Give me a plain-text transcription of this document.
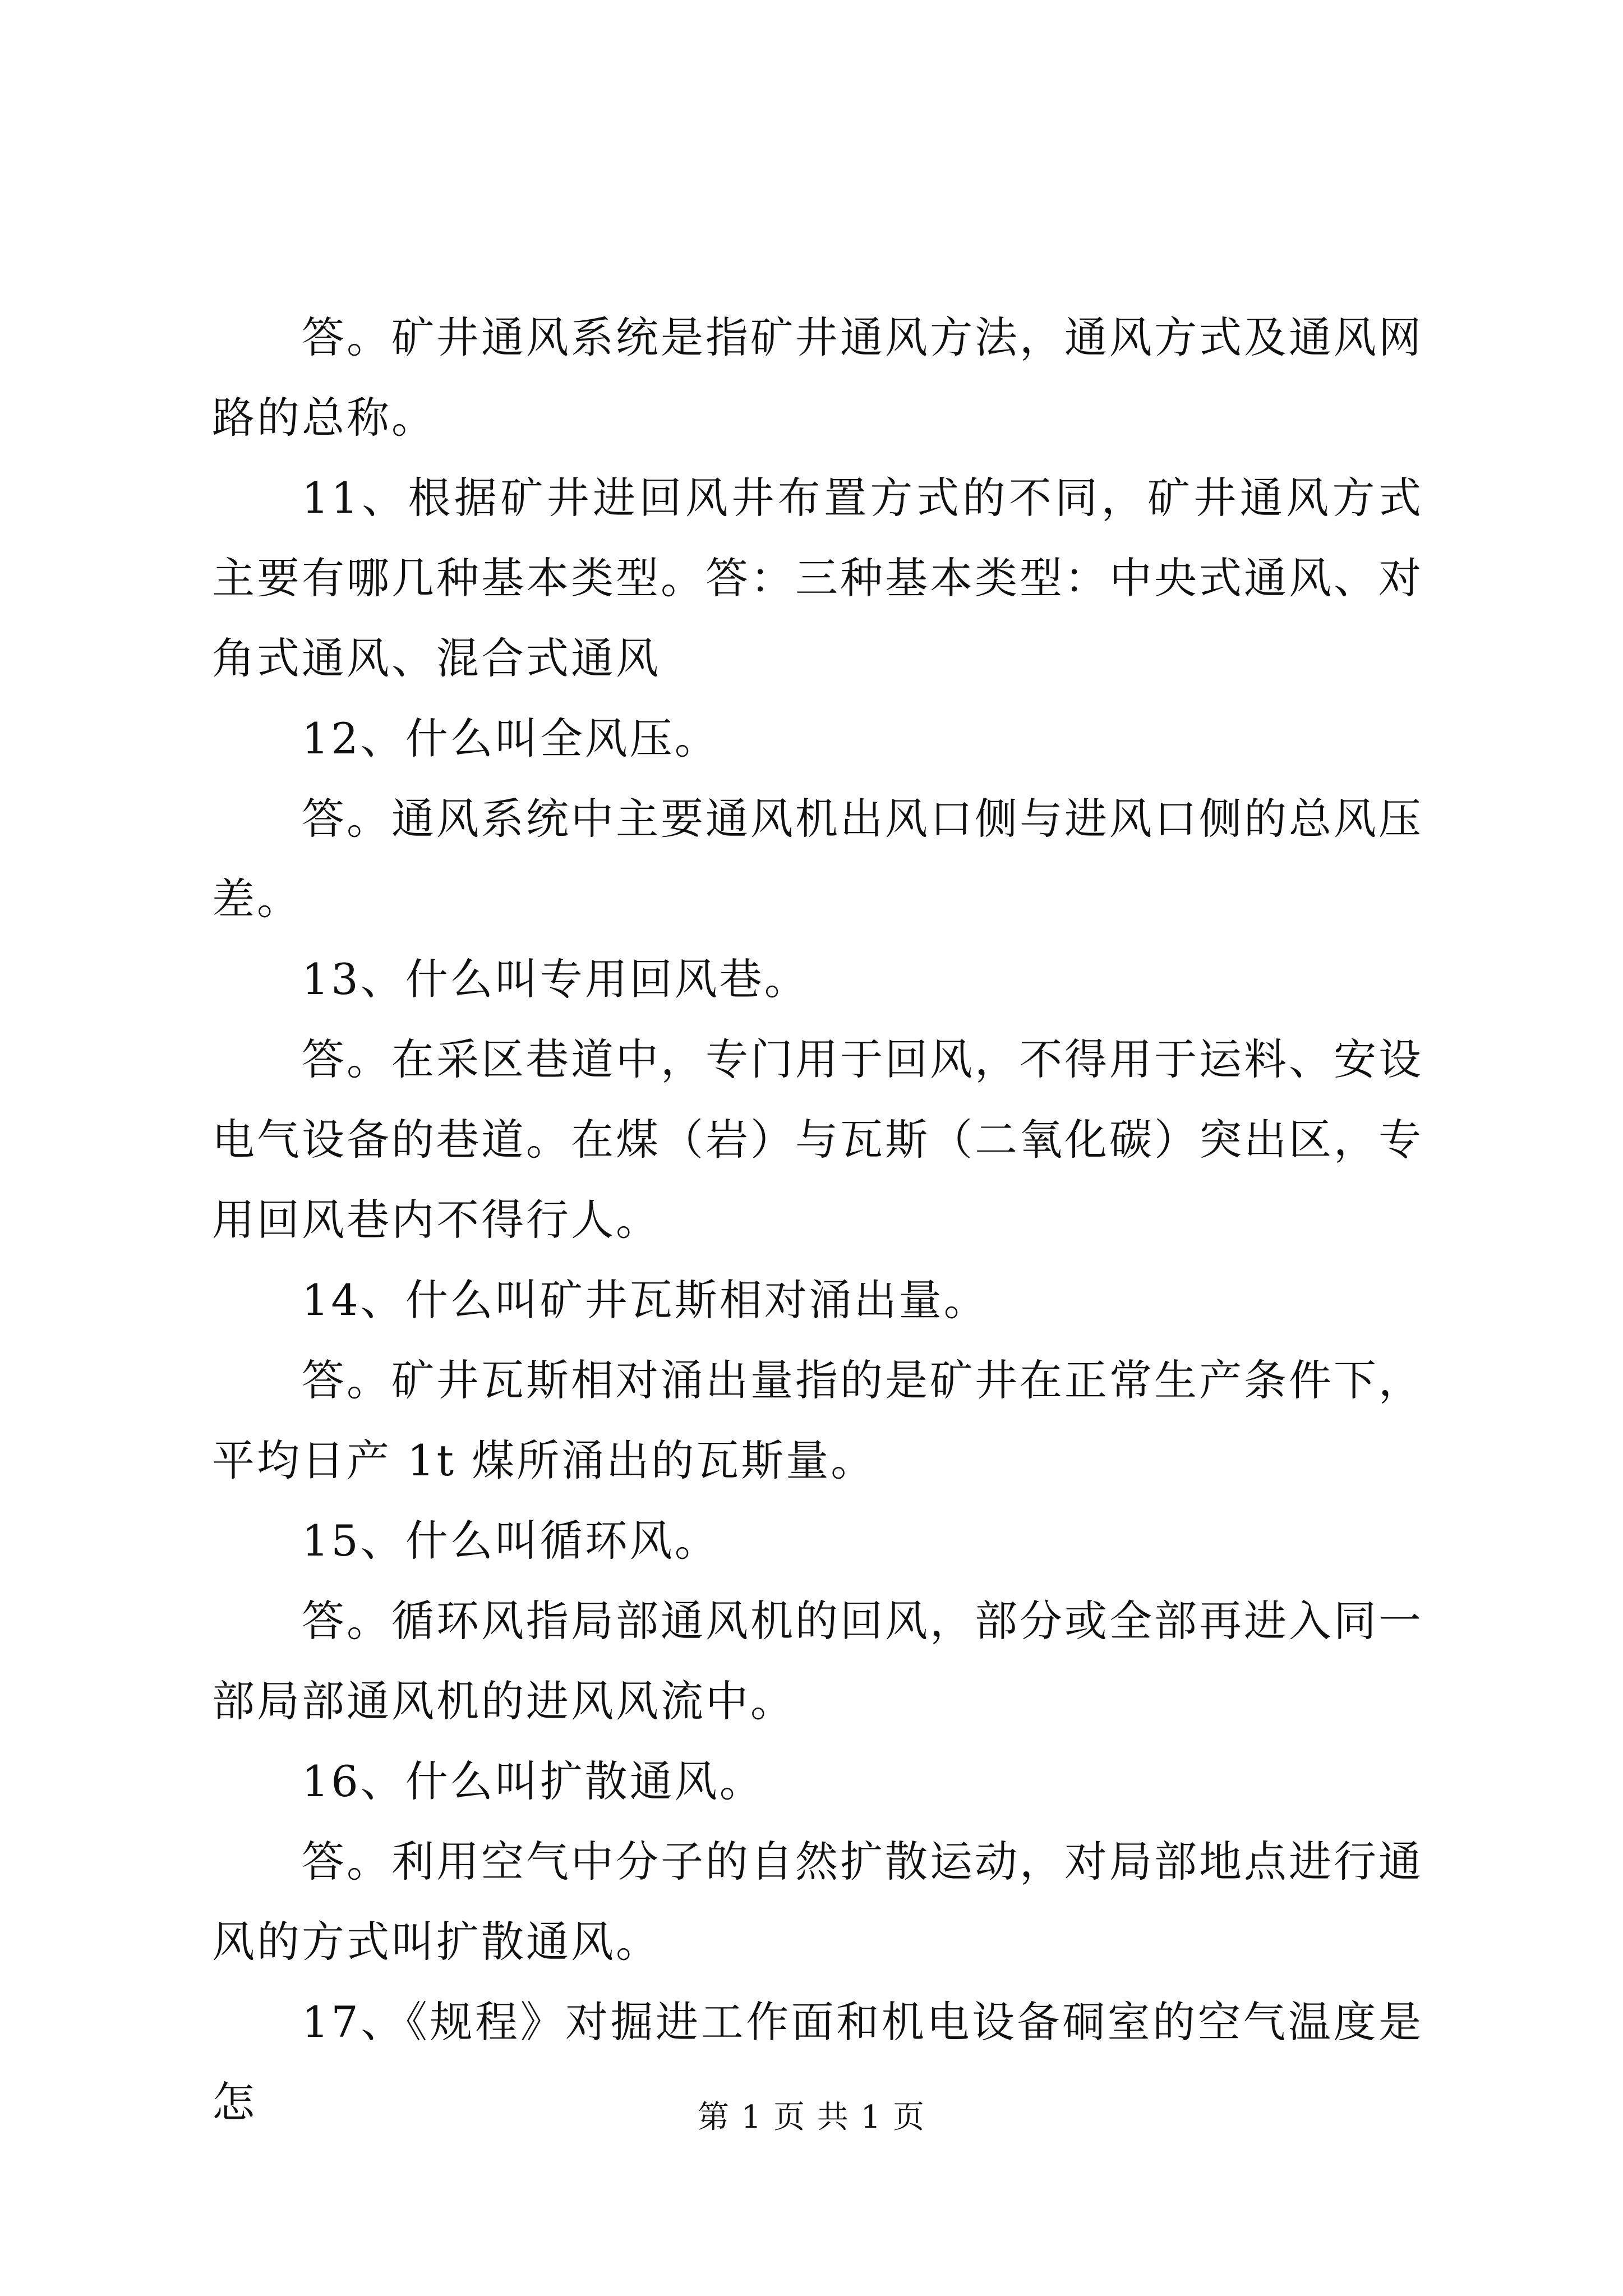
答。矿井通风系统是指矿井通风方法，通风方式及通风网路的总称。

11、根据矿井进回风井布置方式的不同，矿井通风方式主要有哪几种基本类型。答：三种基本类型：中央式通风、对角式通风、混合式通风

12、什么叫全风压。

答。通风系统中主要通风机出风口侧与进风口侧的总风压差。

13、什么叫专用回风巷。

答。在采区巷道中，专门用于回风，不得用于运料、安设电气设备的巷道。在煤（岩）与瓦斯（二氧化碳）突出区，专用回风巷内不得行人。

14、什么叫矿井瓦斯相对涌出量。

答。矿井瓦斯相对涌出量指的是矿井在正常生产条件下，平均日产 1t 煤所涌出的瓦斯量。

15、什么叫循环风。

答。循环风指局部通风机的回风，部分或全部再进入同一部局部通风机的进风风流中。

16、什么叫扩散通风。

答。利用空气中分子的自然扩散运动，对局部地点进行通风的方式叫扩散通风。

17、《规程》对掘进工作面和机电设备硐室的空气温度是怎	第 1 页 共 1 页
